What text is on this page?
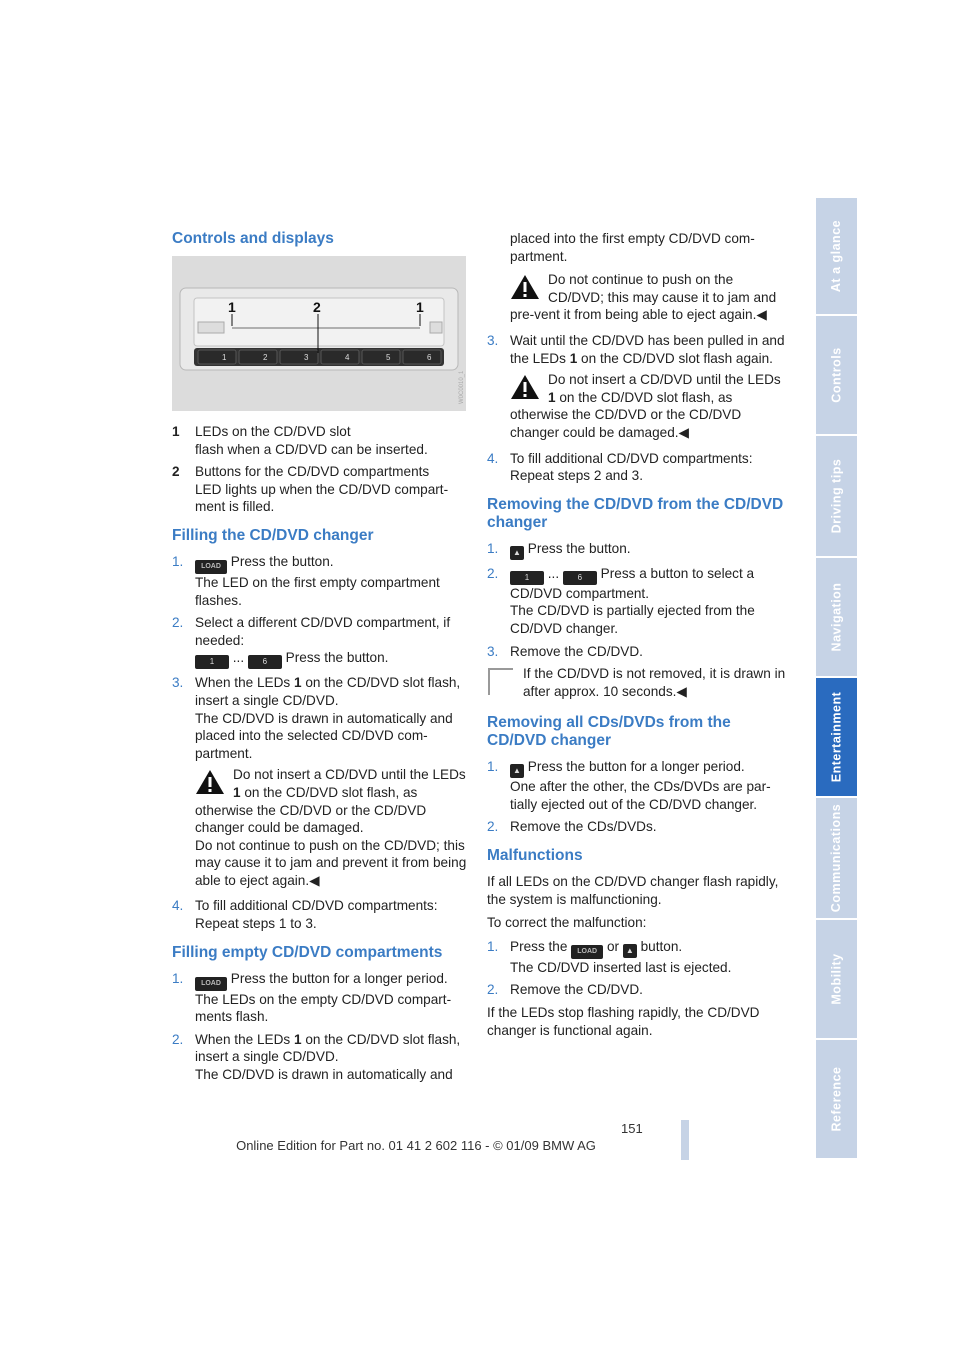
Controls and displays
1	2	3	4	5	6
1	2	1
W0C0010_1
1 LEDs on the CD/DVD slot
flash when a CD/DVD can be inserted.
2 Buttons for the CD/DVD compartments
LED lights up when the CD/DVD compart-ment is filled.
Filling the CD/DVD changer
1.	LOAD Press the button.
The LED on the first empty compartment flashes.
2. Select a different CD/DVD compartment, if needed:
1 ... 6 Press the button.
3. When the LEDs 1 on the CD/DVD slot flash, insert a single CD/DVD.
The CD/DVD is drawn in automatically and placed into the selected CD/DVD com-partment.
Do not insert a CD/DVD until the LEDs 1 on the CD/DVD slot flash, as otherwise the CD/DVD or the CD/DVD changer could be damaged.
Do not continue to push on the CD/DVD; this may cause it to jam and prevent it from being able to eject again.◀
4. To fill additional CD/DVD compartments:
Repeat steps 1 to 3.
Filling empty CD/DVD compartments
1.	LOAD Press the button for a longer period.
The LEDs on the empty CD/DVD compart-ments flash.
2. When the LEDs 1 on the CD/DVD slot flash, insert a single CD/DVD.
The CD/DVD is drawn in automatically and
placed into the first empty CD/DVD com-partment.
Do not continue to push on the CD/DVD; this may cause it to jam and pre-vent it from being able to eject again.◀
3. Wait until the CD/DVD has been pulled in and the LEDs 1 on the CD/DVD slot flash again.
Do not insert a CD/DVD until the LEDs 1 on the CD/DVD slot flash, as otherwise the CD/DVD or the CD/DVD changer could be damaged.◀
4. To fill additional CD/DVD compartments:
Repeat steps 2 and 3.
Removing the CD/DVD from the CD/DVD changer
1.	▲ Press the button.
2.	1 ... 6 Press a button to select a CD/DVD compartment.
The CD/DVD is partially ejected from the CD/DVD changer.
3. Remove the CD/DVD.
If the CD/DVD is not removed, it is drawn in after approx. 10 seconds.◀
Removing all CDs/DVDs from the CD/DVD changer
1.	▲ Press the button for a longer period.
One after the other, the CDs/DVDs are par-tially ejected out of the CD/DVD changer.
2. Remove the CDs/DVDs.
Malfunctions

If all LEDs on the CD/DVD changer flash rapidly, the system is malfunctioning.

To correct the malfunction:

1. Press the LOAD or ▲ button.
The CD/DVD inserted last is ejected.
2. Remove the CD/DVD.

If the LEDs stop flashing rapidly, the CD/DVD changer is functional again.

At a glance
Controls
Driving tips
Navigation
Entertainment
Communications
Mobility
Reference
151
Online Edition for Part no. 01 41 2 602 116 - © 01/09 BMW AG
